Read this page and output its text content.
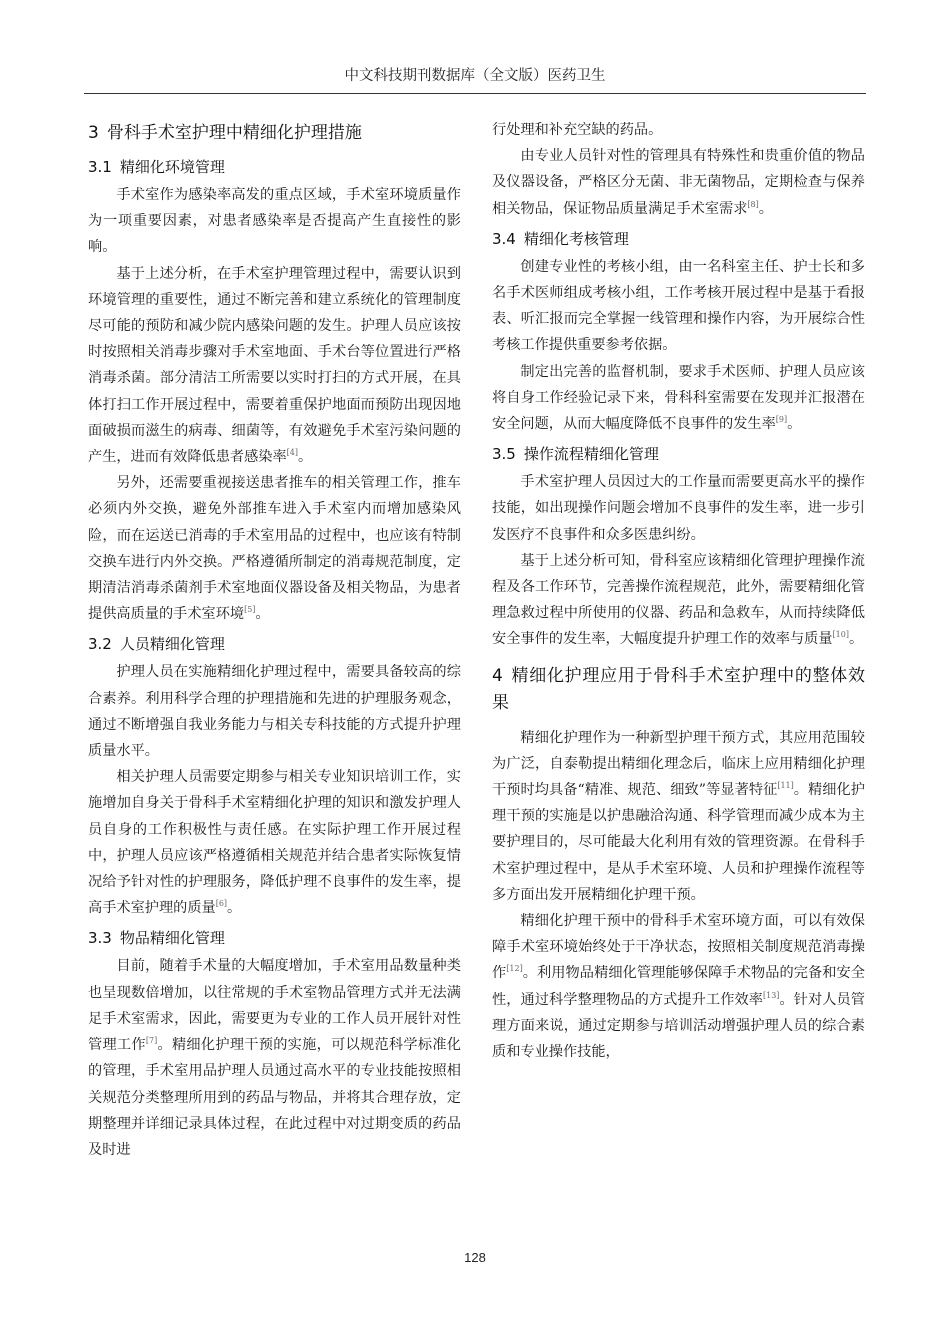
中文科技期刊数据库（全文版）医药卫生
3 骨科手术室护理中精细化护理措施
3.1 精细化环境管理

手术室作为感染率高发的重点区域，手术室环境质量作为一项重要因素，对患者感染率是否提高产生直接性的影响。

基于上述分析，在手术室护理管理过程中，需要认识到环境管理的重要性，通过不断完善和建立系统化的管理制度尽可能的预防和减少院内感染问题的发生。护理人员应该按时按照相关消毒步骤对手术室地面、手术台等位置进行严格消毒杀菌。部分清洁工所需要以实时打扫的方式开展，在具体打扫工作开展过程中，需要着重保护地面而预防出现因地面破损而滋生的病毒、细菌等，有效避免手术室污染问题的产生，进而有效降低患者感染率[4]。

另外，还需要重视接送患者推车的相关管理工作，推车必须内外交换，避免外部推车进入手术室内而增加感染风险，而在运送已消毒的手术室用品的过程中，也应该有特制交换车进行内外交换。严格遵循所制定的消毒规范制度，定期清洁消毒杀菌剂手术室地面仪器设备及相关物品，为患者提供高质量的手术室环境[5]。

3.2 人员精细化管理

护理人员在实施精细化护理过程中，需要具备较高的综合素养。利用科学合理的护理措施和先进的护理服务观念，通过不断增强自我业务能力与相关专科技能的方式提升护理质量水平。

相关护理人员需要定期参与相关专业知识培训工作，实施增加自身关于骨科手术室精细化护理的知识和激发护理人员自身的工作积极性与责任感。在实际护理工作开展过程中，护理人员应该严格遵循相关规范并结合患者实际恢复情况给予针对性的护理服务，降低护理不良事件的发生率，提高手术室护理的质量[6]。

3.3 物品精细化管理

目前，随着手术量的大幅度增加，手术室用品数量种类也呈现数倍增加，以往常规的手术室物品管理方式并无法满足手术室需求，因此，需要更为专业的工作人员开展针对性管理工作[7]。精细化护理干预的实施，可以规范科学标准化的管理，手术室用品护理人员通过高水平的专业技能按照相关规范分类整理所用到的药品与物品，并将其合理存放，定期整理并详细记录具体过程，在此过程中对过期变质的药品及时进

行处理和补充空缺的药品。

由专业人员针对性的管理具有特殊性和贵重价值的物品及仪器设备，严格区分无菌、非无菌物品，定期检查与保养相关物品，保证物品质量满足手术室需求[8]。

3.4 精细化考核管理

创建专业性的考核小组，由一名科室主任、护士长和多名手术医师组成考核小组，工作考核开展过程中是基于看报表、听汇报而完全掌握一线管理和操作内容，为开展综合性考核工作提供重要参考依据。

制定出完善的监督机制，要求手术医师、护理人员应该将自身工作经验记录下来，骨科科室需要在发现并汇报潜在安全问题，从而大幅度降低不良事件的发生率[9]。

3.5 操作流程精细化管理

手术室护理人员因过大的工作量而需要更高水平的操作技能，如出现操作问题会增加不良事件的发生率，进一步引发医疗不良事件和众多医患纠纷。

基于上述分析可知，骨科室应该精细化管理护理操作流程及各工作环节，完善操作流程规范，此外，需要精细化管理急救过程中所使用的仪器、药品和急救车，从而持续降低安全事件的发生率，大幅度提升护理工作的效率与质量[10]。

4 精细化护理应用于骨科手术室护理中的整体效果

精细化护理作为一种新型护理干预方式，其应用范围较为广泛，自泰勒提出精细化理念后，临床上应用精细化护理干预时均具备“精准、规范、细致”等显著特征[11]。精细化护理干预的实施是以护患融洽沟通、科学管理而减少成本为主要护理目的，尽可能最大化利用有效的管理资源。在骨科手术室护理过程中，是从手术室环境、人员和护理操作流程等多方面出发开展精细化护理干预。

精细化护理干预中的骨科手术室环境方面，可以有效保障手术室环境始终处于干净状态，按照相关制度规范消毒操作[12]。利用物品精细化管理能够保障手术物品的完备和安全性，通过科学整理物品的方式提升工作效率[13]。针对人员管理方面来说，通过定期参与培训活动增强护理人员的综合素质和专业操作技能，

128
